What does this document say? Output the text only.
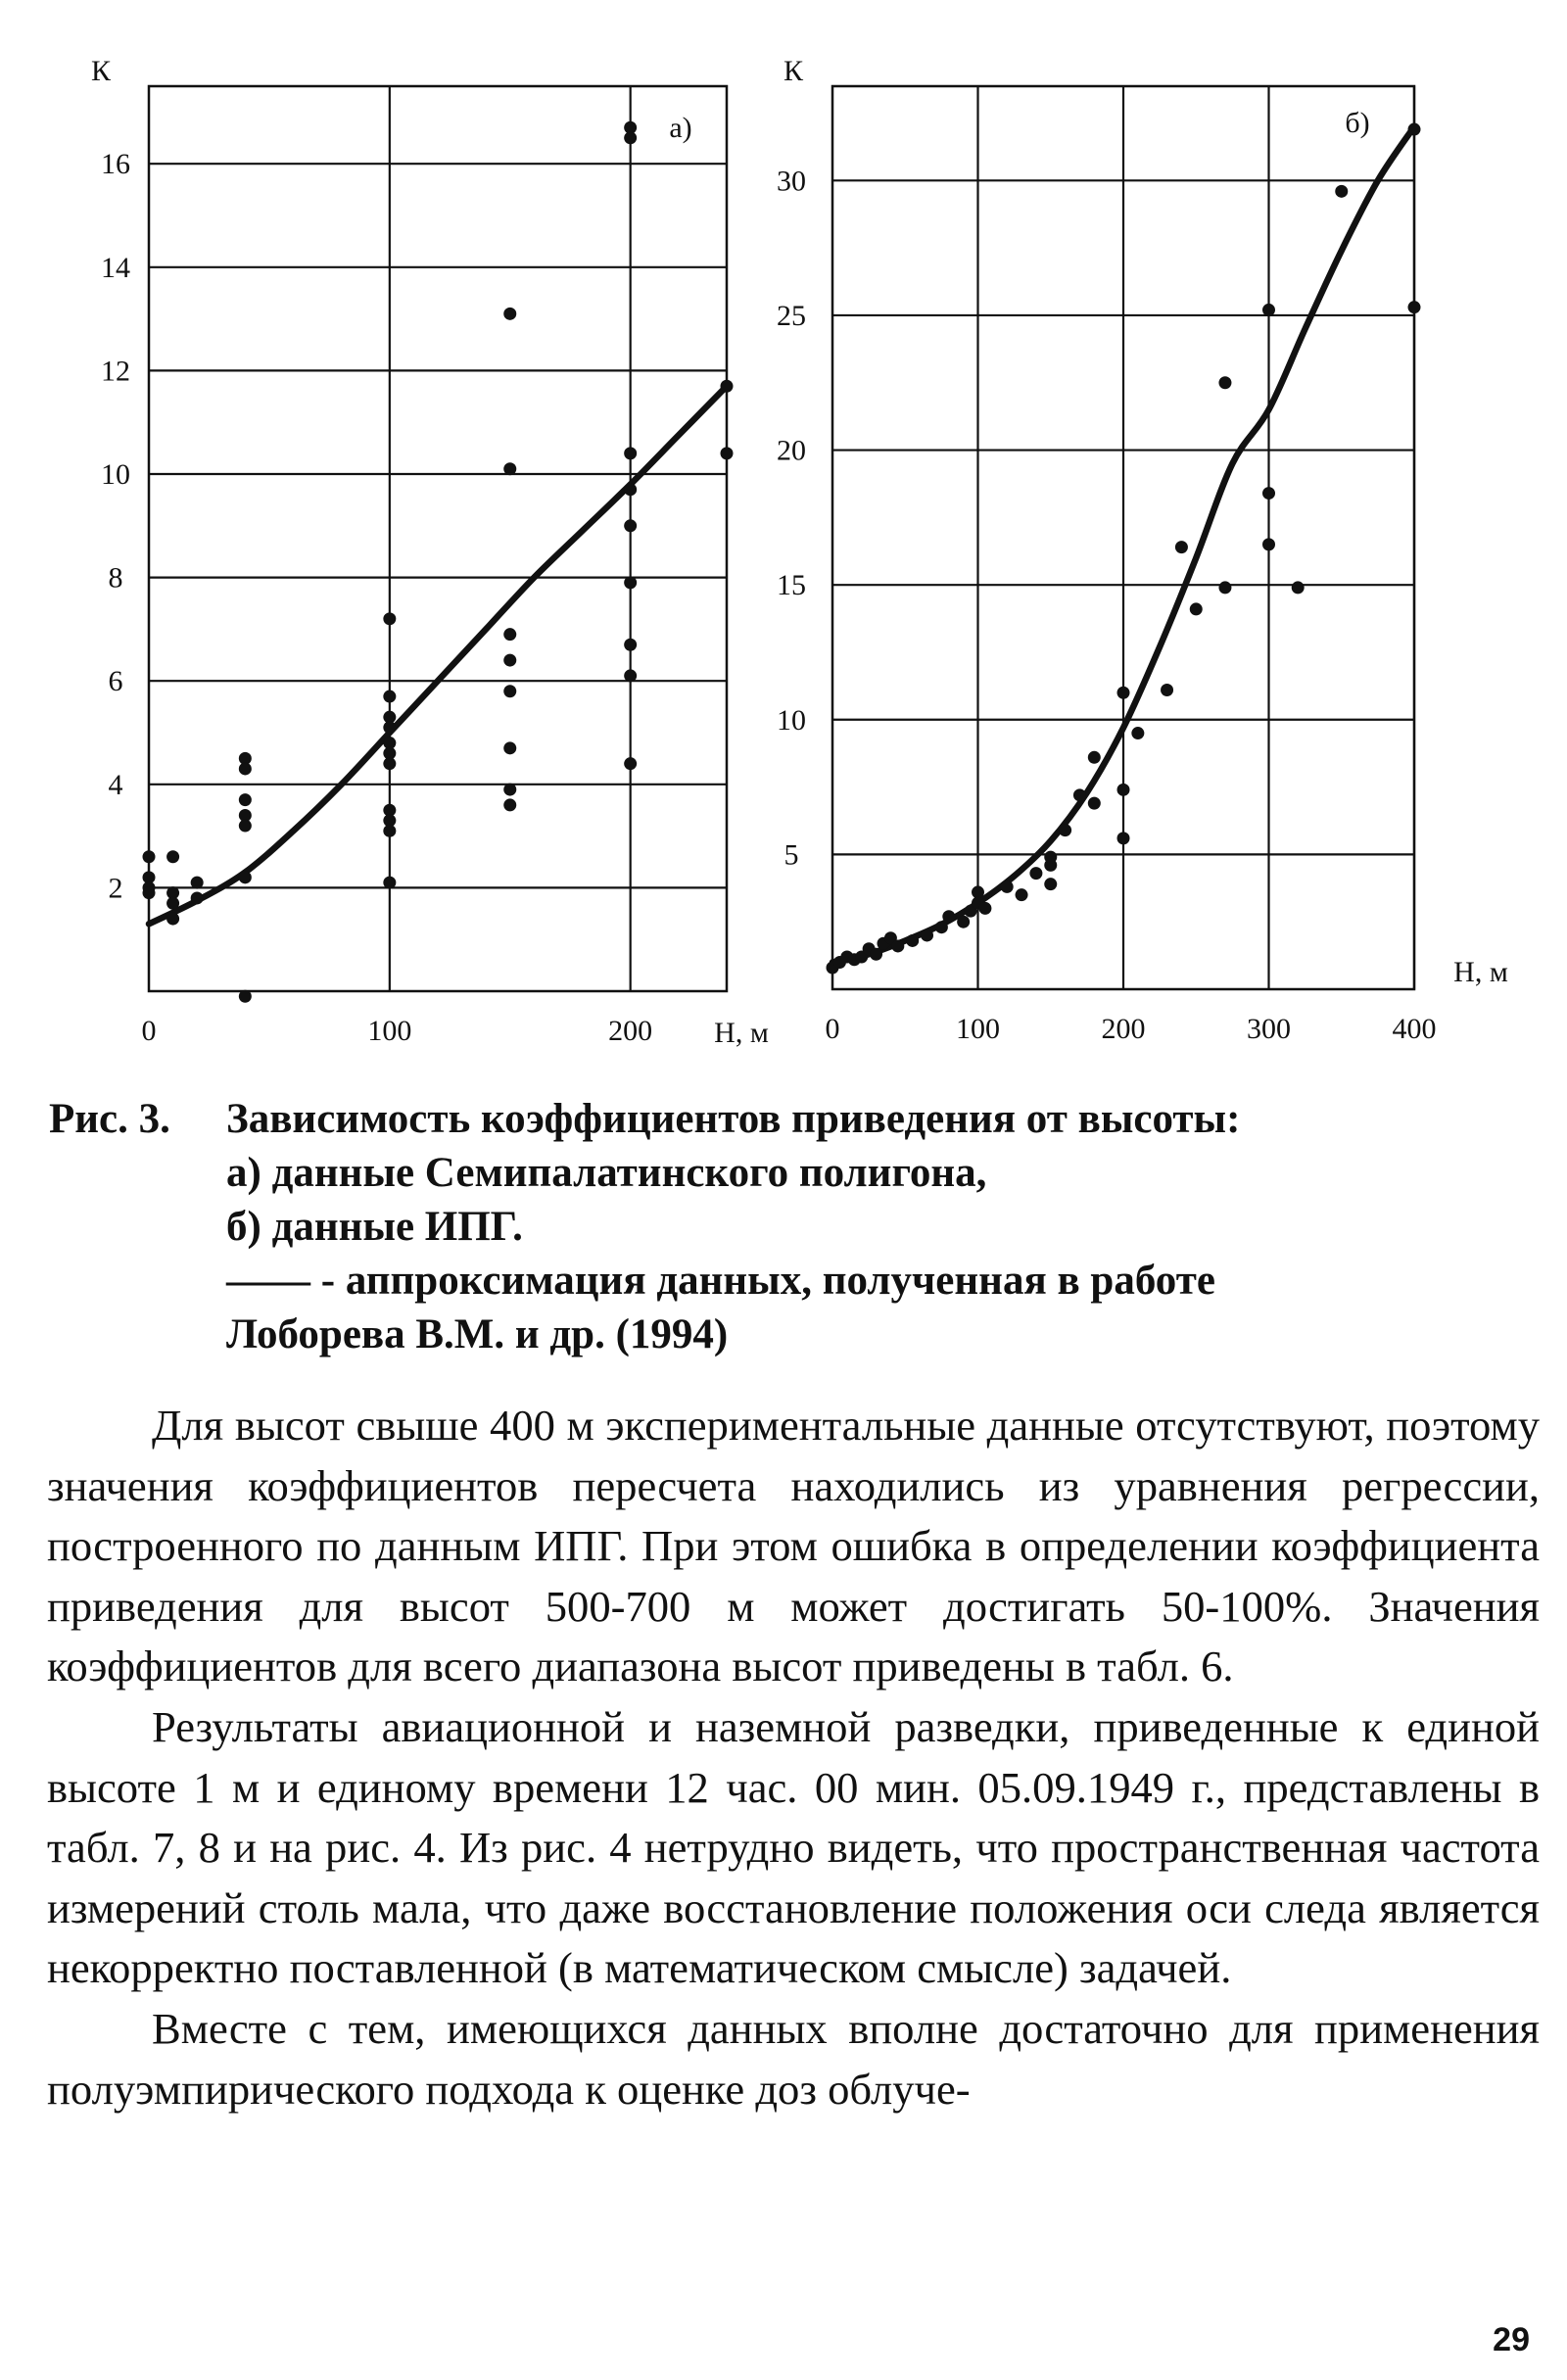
2
4
6
8
10
12
14
16
0	100	200
К
Н, м
а)
5
10
15
20
25
30
0	100	200	300	400
К
Н, м
б)
Рис. 3. Зависимость коэффициентов приведения от высоты:
а) данные Семипалатинского полигона,
б) данные ИПГ.
—— - аппроксимация данных, полученная в работе
Лоборева В.М. и др. (1994)

Для высот свыше 400 м экспериментальные данные отсутствуют, поэтому значения коэффициентов пересчета находились из уравнения регрессии, построенного по данным ИПГ. При этом ошибка в определении коэффициента приведения для высот 500-700 м может достигать 50-100%. Значения коэффициентов для всего диапазона высот приведены в табл. 6.

Результаты авиационной и наземной разведки, приведенные к единой высоте 1 м и единому времени 12 час. 00 мин. 05.09.1949 г., представлены в табл. 7, 8 и на рис. 4. Из рис. 4 нетрудно видеть, что пространственная частота измерений столь мала, что даже восстановление положения оси следа является некорректно поставленной (в математическом смысле) задачей.

Вместе с тем, имеющихся данных вполне достаточно для применения полуэмпирического подхода к оценке доз облуче-

29
